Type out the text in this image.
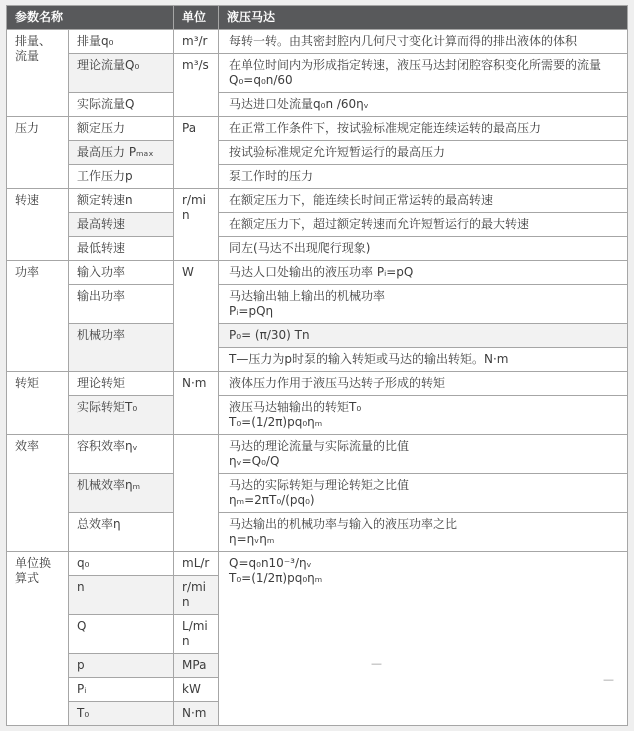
参数名称		单位	液压马达
排量、流量	排量q₀	m³/r	每转一转。由其密封腔内几何尺寸变化计算而得的排出液体的体积

	理论流量Q₀	m³/s	在单位时间内为形成指定转速，液压马达封闭腔容积变化所需要的流量
Q₀=q₀n/60

	实际流量Q		马达进口处流量q₀n /60ηᵥ

压力	额定压力	Pa	在正常工作条件下，按试验标准规定能连续运转的最高压力

	最高压力 Pₘₐₓ		按试验标准规定允许短暂运行的最高压力

	工作压力p		泵工作时的压力

转速	额定转速n	r/min	在额定压力下，能连续长时间正常运转的最高转速

	最高转速		在额定压力下，超过额定转速而允许短暂运行的最大转速

	最低转速		同左(马达不出现爬行现象)

功率	输入功率	W	马达人口处输出的液压功率 Pᵢ=pQ

	输出功率		马达输出轴上输出的机械功率
Pᵢ=pQη

	机械功率		P₀= (π/30) Tn

			T—压力为p时泵的输入转矩或马达的输出转矩。N·m

转矩	理论转矩	N·m	液体压力作用于液压马达转子形成的转矩

	实际转矩T₀		液压马达轴输出的转矩T₀
T₀=(1/2π)pq₀ηₘ

效率	容积效率ηᵥ		马达的理论流量与实际流量的比值
ηᵥ=Q₀/Q

	机械效率ηₘ		马达的实际转矩与理论转矩之比值
ηₘ=2πT₀/(pq₀)

	总效率η		马达输出的机械功率与输入的液压功率之比
η=ηᵥηₘ

单位换算式	q₀	mL/r	Q=q₀n10⁻³/ηᵥ
T₀=(1/2π)pq₀ηₘ
—
—

	n	r/min	
	Q	L/min	
	p	MPa	
	Pᵢ	kW	
	T₀	N·m	
